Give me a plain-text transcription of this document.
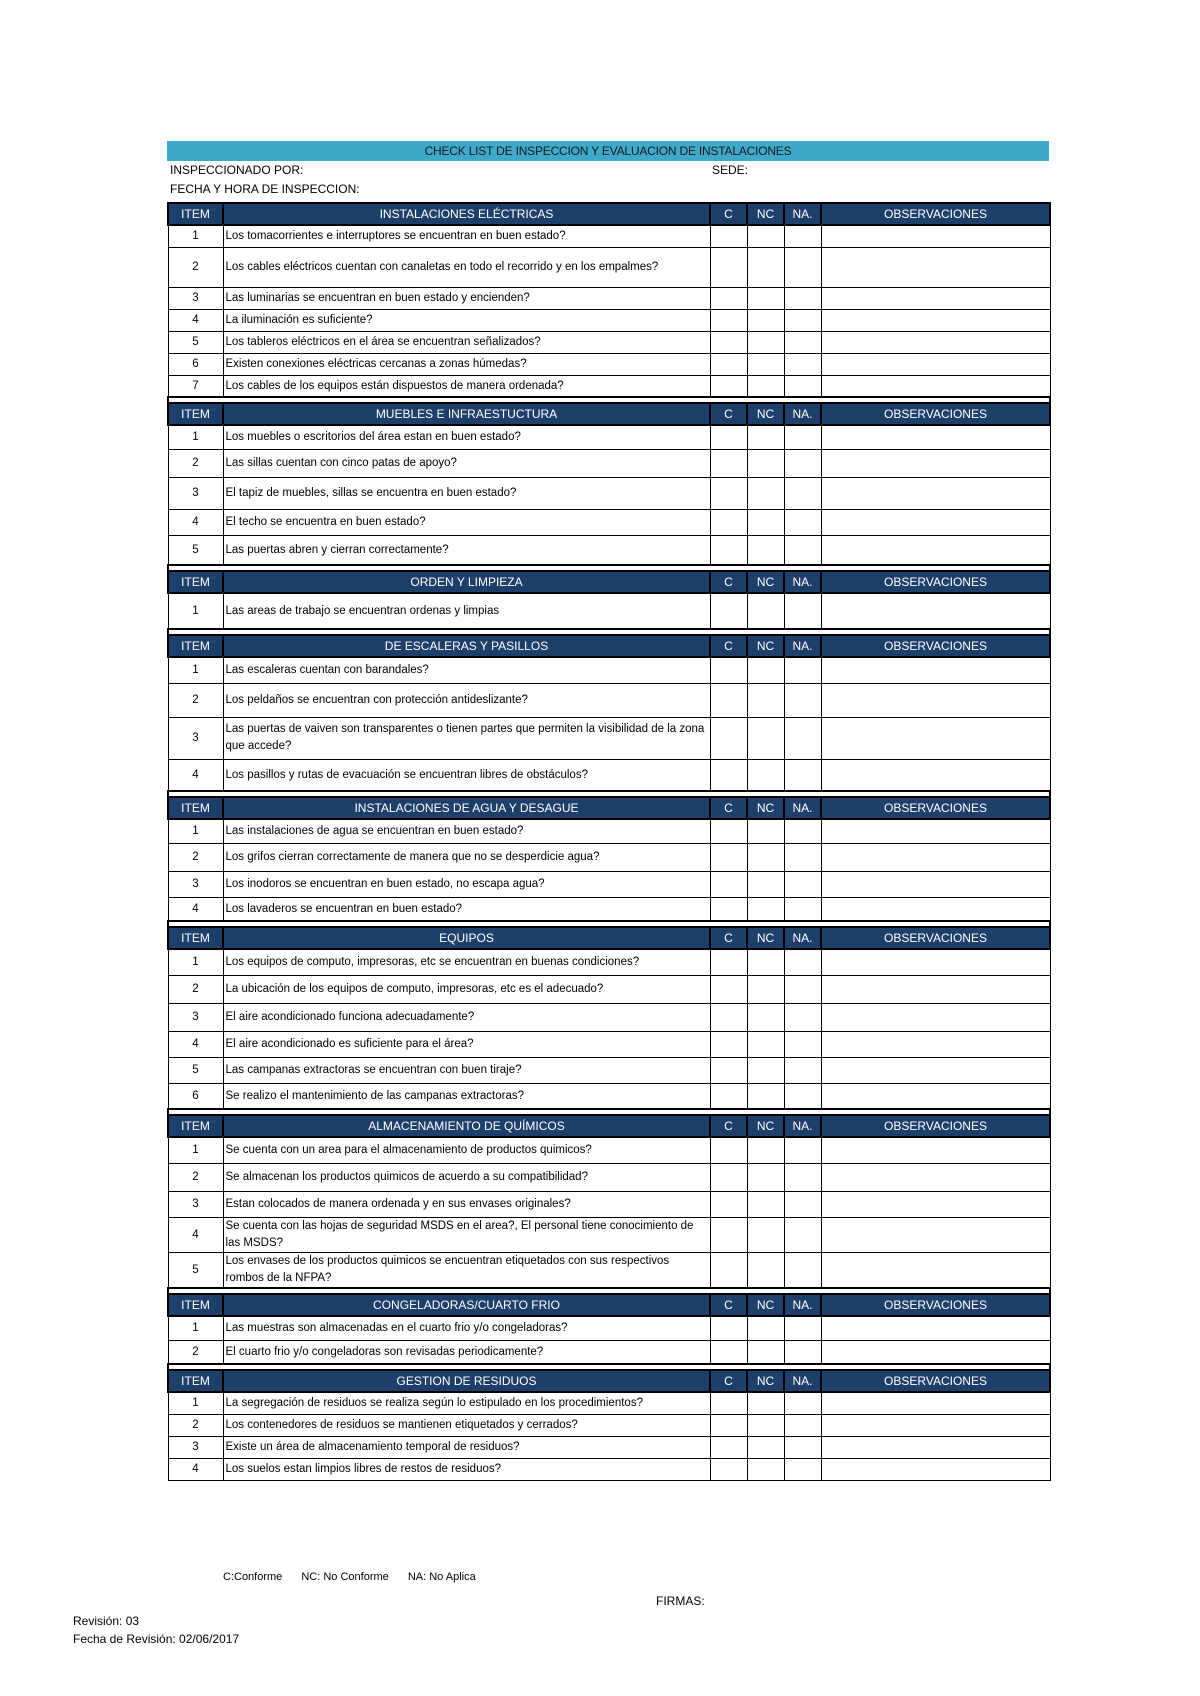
CHECK LIST DE INSPECCION Y EVALUACION DE INSTALACIONES
INSPECCIONADO POR:	SEDE:
FECHA Y HORA DE INSPECCION:
ITEM	INSTALACIONES ELÉCTRICAS	C	NC	NA.	OBSERVACIONES
1	Los tomacorrientes e interruptores se encuentran en buen estado?				
2	Los cables eléctricos cuentan con canaletas en todo el recorrido y en los empalmes?				
3	Las luminarias se encuentran en buen estado y encienden?				
4	La iluminación es suficiente?				
5	Los tableros eléctricos en el área se encuentran señalizados?				
6	Existen conexiones eléctricas cercanas a zonas húmedas?				
7	Los cables de los equipos están dispuestos de manera ordenada?				

ITEM	MUEBLES E INFRAESTUCTURA	C	NC	NA.	OBSERVACIONES
1	Los muebles o escritorios del área estan en buen estado?				
2	Las sillas cuentan con cinco patas de apoyo?				
3	El tapiz de muebles, sillas se encuentra en buen estado?				
4	El techo se encuentra en buen estado?				
5	Las puertas abren y cierran correctamente?				

ITEM	ORDEN Y LIMPIEZA	C	NC	NA.	OBSERVACIONES
1	Las areas de trabajo se encuentran ordenas y limpias				

ITEM	DE ESCALERAS Y PASILLOS	C	NC	NA.	OBSERVACIONES
1	Las escaleras cuentan con barandales?				
2	Los peldaños se encuentran con protección antideslizante?				
3	Las puertas de vaiven son transparentes o tienen partes que permiten la visibilidad de la zona que accede?				
4	Los pasillos y rutas de evacuación se encuentran libres de obstáculos?				

ITEM	INSTALACIONES DE AGUA Y DESAGUE	C	NC	NA.	OBSERVACIONES
1	Las instalaciones de agua se encuentran en buen estado?				
2	Los grifos cierran correctamente de manera que no se desperdicie agua?				
3	Los inodoros se encuentran en buen estado, no escapa agua?				
4	Los lavaderos se encuentran en buen estado?				

ITEM	EQUIPOS	C	NC	NA.	OBSERVACIONES
1	Los equipos de computo, impresoras, etc se encuentran en buenas condiciones?				
2	La ubicación de los equipos de computo, impresoras, etc es el adecuado?				
3	El aire acondicionado funciona adecuadamente?				
4	El aire acondicionado es suficiente para el área?				
5	Las campanas extractoras se encuentran con buen tiraje?				
6	Se realizo el mantenimiento de las campanas extractoras?				

ITEM	ALMACENAMIENTO DE QUÍMICOS	C	NC	NA.	OBSERVACIONES
1	Se cuenta con un area para el almacenamiento de productos quimicos?				
2	Se almacenan los productos quimicos de acuerdo a su compatibilidad?				
3	Estan colocados de manera ordenada y en sus envases originales?				
4	Se cuenta con las hojas de seguridad MSDS en el area?, El personal tiene conocimiento de las MSDS?				
5	Los envases de los productos quimicos se encuentran etiquetados con sus respectivos rombos de la NFPA?				

ITEM	CONGELADORAS/CUARTO FRIO	C	NC	NA.	OBSERVACIONES
1	Las muestras son almacenadas en el cuarto frio y/o congeladoras?				
2	El cuarto frio y/o congeladoras son revisadas periodicamente?				

ITEM	GESTION DE RESIDUOS	C	NC	NA.	OBSERVACIONES
1	La segregación de residuos se realiza según lo estipulado en los procedimientos?				
2	Los contenedores de residuos se mantienen etiquetados y cerrados?				
3	Existe un área de almacenamiento temporal de residuos?				
4	Los suelos estan limpios libres de restos de residuos?				
C:Conforme NC: No Conforme NA: No Aplica
FIRMAS:
Revisión: 03
Fecha de Revisión: 02/06/2017
